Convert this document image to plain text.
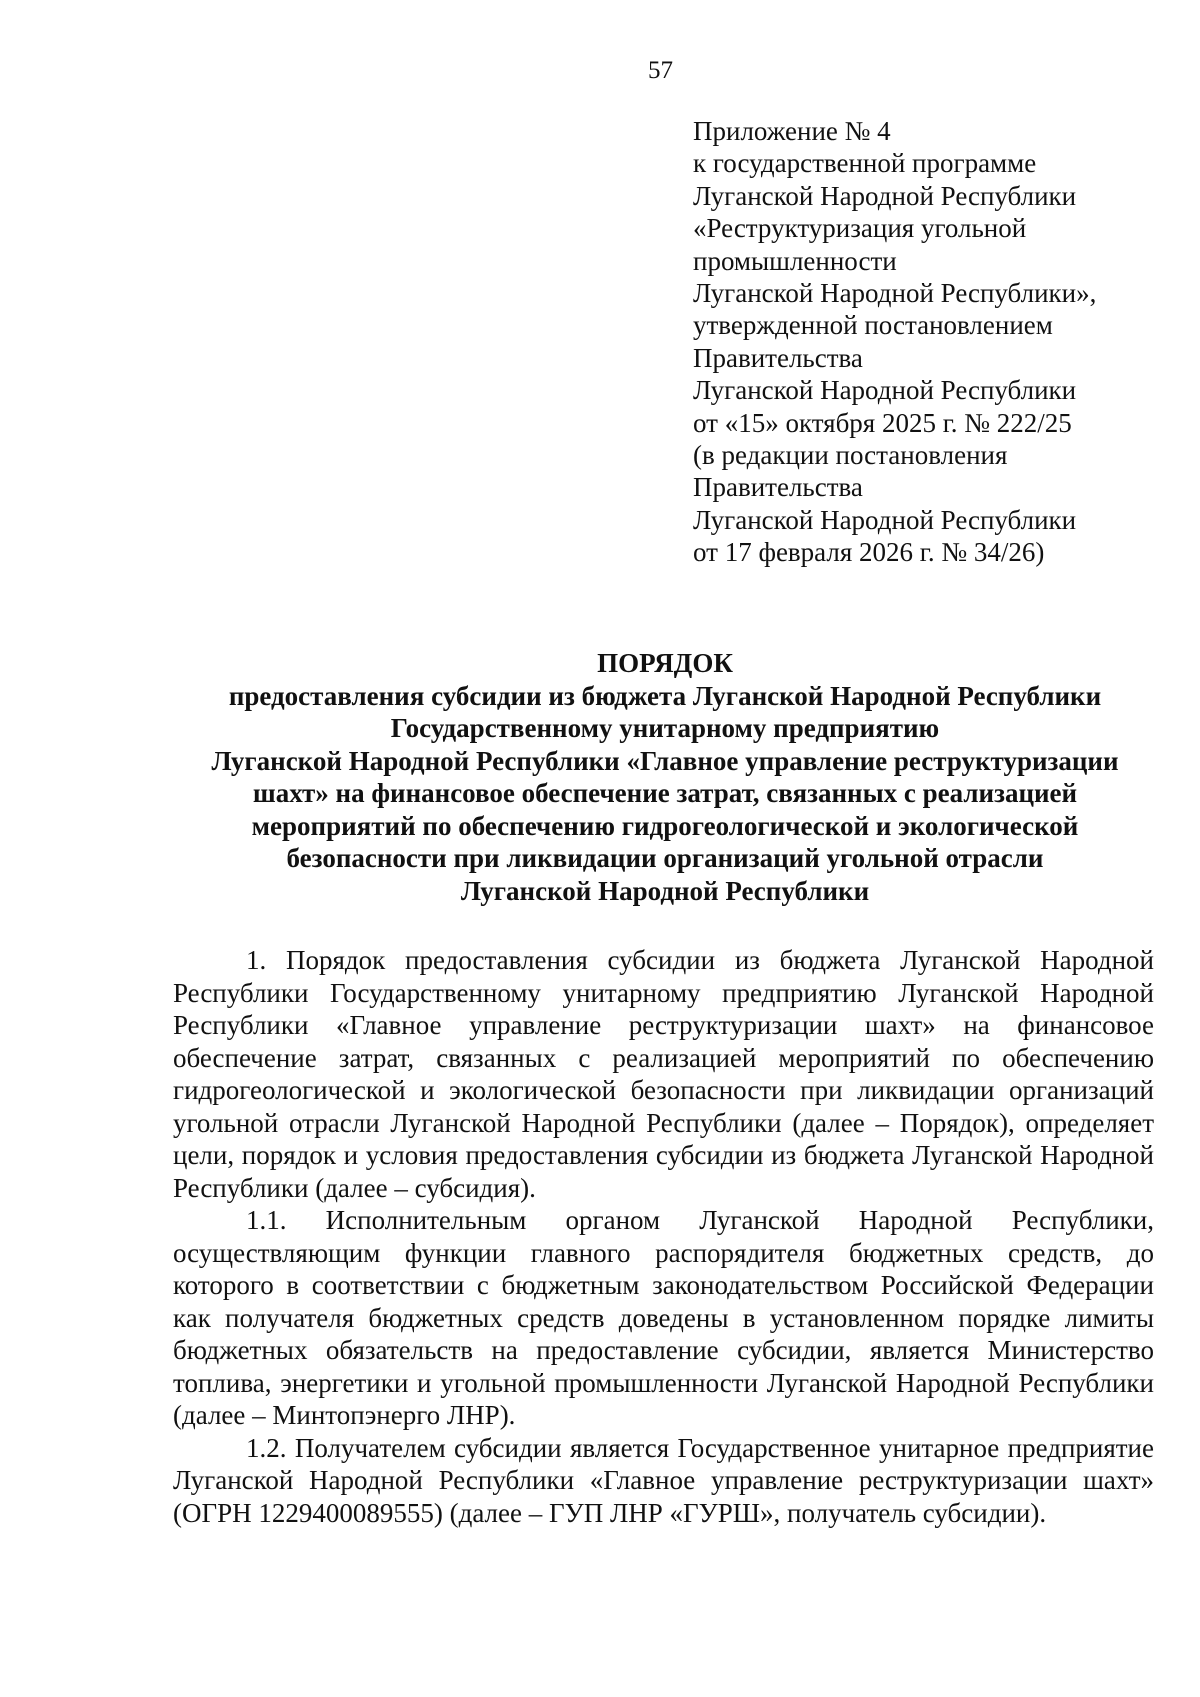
57
Приложение № 4
к государственной программе
Луганской Народной Республики
«Реструктуризация угольной
промышленности
Луганской Народной Республики»,
утвержденной постановлением
Правительства
Луганской Народной Республики
от «15» октября 2025 г. № 222/25
(в редакции постановления
Правительства
Луганской Народной Республики
от 17 февраля 2026 г. № 34/26)
ПОРЯДОК
предоставления субсидии из бюджета Луганской Народной Республики
Государственному унитарному предприятию
Луганской Народной Республики «Главное управление реструктуризации
шахт» на финансовое обеспечение затрат, связанных с реализацией
мероприятий по обеспечению гидрогеологической и экологической
безопасности при ликвидации организаций угольной отрасли
Луганской Народной Республики

1. Порядок предоставления субсидии из бюджета Луганской Народной Республики Государственному унитарному предприятию Луганской Народной Республики «Главное управление реструктуризации шахт» на финансовое обеспечение затрат, связанных с реализацией мероприятий по обеспечению гидрогеологической и экологической безопасности при ликвидации организаций угольной отрасли Луганской Народной Республики (далее – Порядок), определяет цели, порядок и условия предоставления субсидии из бюджета Луганской Народной Республики (далее – субсидия).

1.1. Исполнительным органом Луганской Народной Республики, осуществляющим функции главного распорядителя бюджетных средств, до которого в соответствии с бюджетным законодательством Российской Федерации как получателя бюджетных средств доведены в установленном порядке лимиты бюджетных обязательств на предоставление субсидии, является Министерство топлива, энергетики и угольной промышленности Луганской Народной Республики (далее – Минтопэнерго ЛНР).

1.2. Получателем субсидии является Государственное унитарное предприятие Луганской Народной Республики «Главное управление реструктуризации шахт» (ОГРН 1229400089555) (далее – ГУП ЛНР «ГУРШ», получатель субсидии).
